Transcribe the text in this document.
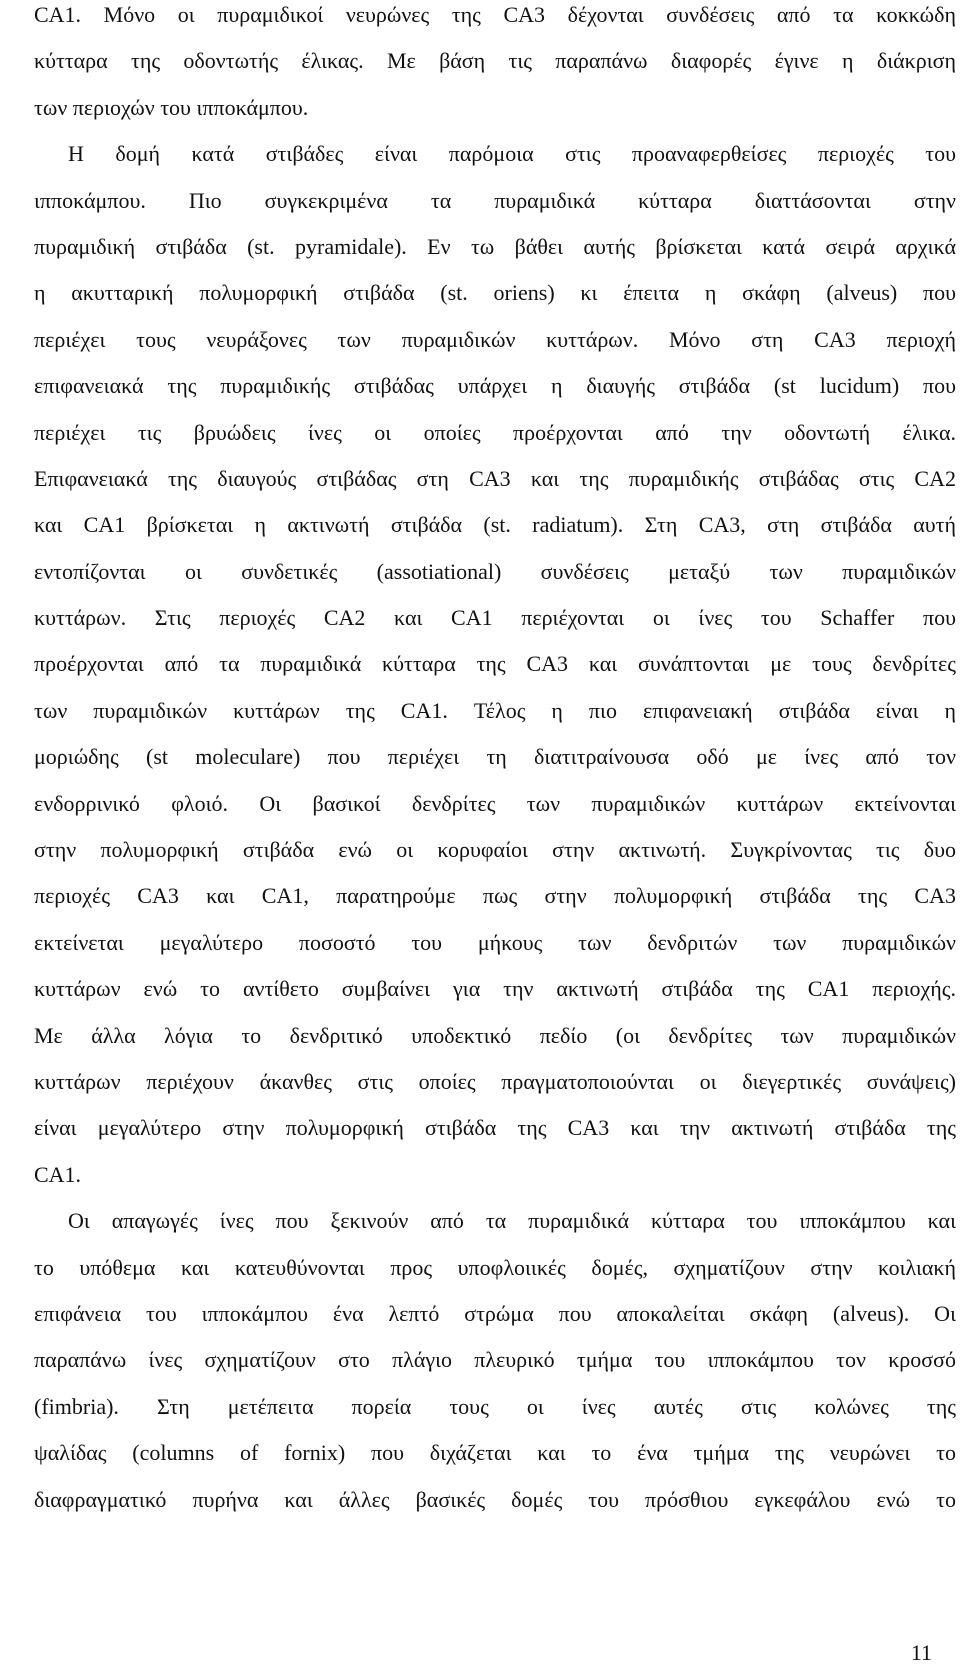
CA1. Μόνο οι πυραμιδικοί νευρώνες της CA3 δέχονται συνδέσεις από τα κοκκώδη
κύτταρα της οδοντωτής έλικας. Με βάση τις παραπάνω διαφορές έγινε η διάκριση
των περιοχών του ιπποκάμπου.
Η δομή κατά στιβάδες είναι παρόμοια στις προαναφερθείσες περιοχές του
ιπποκάμπου. Πιο συγκεκριμένα τα πυραμιδικά κύτταρα διαττάσονται στην
πυραμιδική στιβάδα (st. pyramidale). Εν τω βάθει αυτής βρίσκεται κατά σειρά αρχικά
η ακυτταρική πολυμορφική στιβάδα (st. oriens) κι έπειτα η σκάφη (alveus) που
περιέχει τους νευράξονες των πυραμιδικών κυττάρων. Μόνο στη CA3 περιοχή
επιφανειακά της πυραμιδικής στιβάδας υπάρχει η διαυγής στιβάδα (st lucidum) που
περιέχει τις βρυώδεις ίνες οι οποίες προέρχονται από την οδοντωτή έλικα.
Επιφανειακά της διαυγούς στιβάδας στη CA3 και της πυραμιδικής στιβάδας στις CA2
και CA1 βρίσκεται η ακτινωτή στιβάδα (st. radiatum). Στη CA3, στη στιβάδα αυτή
εντοπίζονται οι συνδετικές (assotiational) συνδέσεις μεταξύ των πυραμιδικών
κυττάρων. Στις περιοχές CA2 και CA1 περιέχονται οι ίνες του Schaffer που
προέρχονται από τα πυραμιδικά κύτταρα της CA3 και συνάπτονται με τους δενδρίτες
των πυραμιδικών κυττάρων της CA1. Τέλος η πιο επιφανειακή στιβάδα είναι η
μοριώδης (st moleculare) που περιέχει τη διατιτραίνουσα οδό με ίνες από τον
ενδορρινικό φλοιό. Οι βασικοί δενδρίτες των πυραμιδικών κυττάρων εκτείνονται
στην πολυμορφική στιβάδα ενώ οι κορυφαίοι στην ακτινωτή. Συγκρίνοντας τις δυο
περιοχές CA3 και CA1, παρατηρούμε πως στην πολυμορφική στιβάδα της CA3
εκτείνεται μεγαλύτερο ποσοστό του μήκους των δενδριτών των πυραμιδικών
κυττάρων ενώ το αντίθετο συμβαίνει για την ακτινωτή στιβάδα της CA1 περιοχής.
Με άλλα λόγια το δενδριτικό υποδεκτικό πεδίο (οι δενδρίτες των πυραμιδικών
κυττάρων περιέχουν άκανθες στις οποίες πραγματοποιούνται οι διεγερτικές συνάψεις)
είναι μεγαλύτερο στην πολυμορφική στιβάδα της CA3 και την ακτινωτή στιβάδα της
CA1.
Οι απαγωγές ίνες που ξεκινούν από τα πυραμιδικά κύτταρα του ιπποκάμπου και
το υπόθεμα και κατευθύνονται προς υποφλοιικές δομές, σχηματίζουν στην κοιλιακή
επιφάνεια του ιπποκάμπου ένα λεπτό στρώμα που αποκαλείται σκάφη (alveus). Οι
παραπάνω ίνες σχηματίζουν στο πλάγιο πλευρικό τμήμα του ιπποκάμπου τον κροσσό
(fimbria). Στη μετέπειτα πορεία τους οι ίνες αυτές στις κολώνες της
ψαλίδας (columns of fornix) που διχάζεται και το ένα τμήμα της νευρώνει το
διαφραγματικό πυρήνα και άλλες βασικές δομές του πρόσθιου εγκεφάλου ενώ το
11
